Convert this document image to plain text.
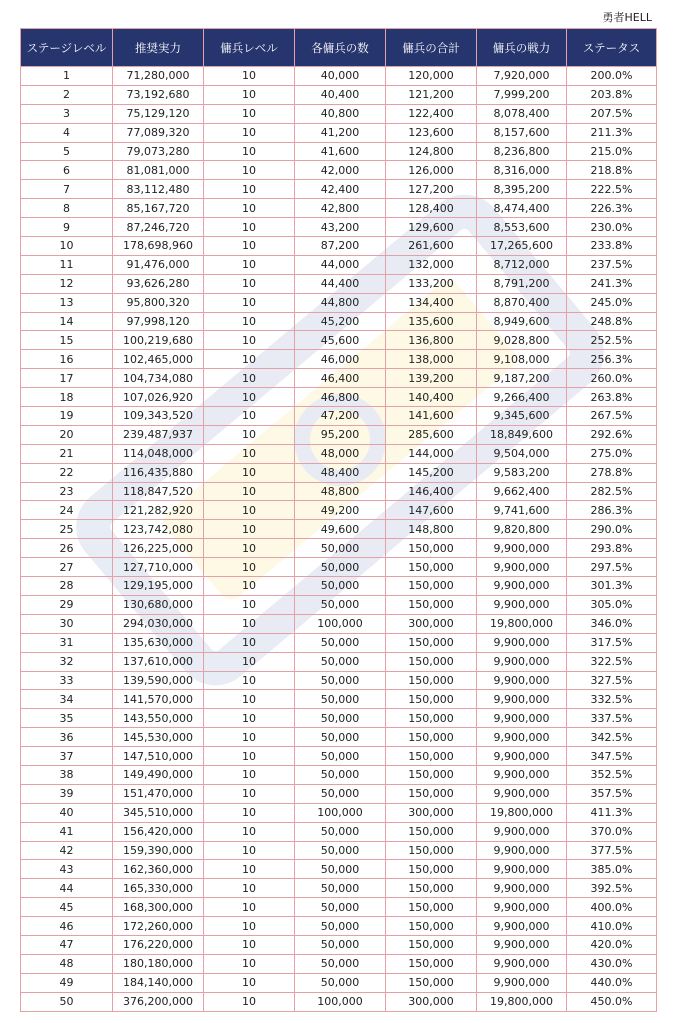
勇者HELL
ステージレベル	推奨実力	傭兵レベル	各傭兵の数	傭兵の合計	傭兵の戦力	ステータス
1	71,280,000	10	40,000	120,000	7,920,000	200.0%
2	73,192,680	10	40,400	121,200	7,999,200	203.8%
3	75,129,120	10	40,800	122,400	8,078,400	207.5%
4	77,089,320	10	41,200	123,600	8,157,600	211.3%
5	79,073,280	10	41,600	124,800	8,236,800	215.0%
6	81,081,000	10	42,000	126,000	8,316,000	218.8%
7	83,112,480	10	42,400	127,200	8,395,200	222.5%
8	85,167,720	10	42,800	128,400	8,474,400	226.3%
9	87,246,720	10	43,200	129,600	8,553,600	230.0%
10	178,698,960	10	87,200	261,600	17,265,600	233.8%
11	91,476,000	10	44,000	132,000	8,712,000	237.5%
12	93,626,280	10	44,400	133,200	8,791,200	241.3%
13	95,800,320	10	44,800	134,400	8,870,400	245.0%
14	97,998,120	10	45,200	135,600	8,949,600	248.8%
15	100,219,680	10	45,600	136,800	9,028,800	252.5%
16	102,465,000	10	46,000	138,000	9,108,000	256.3%
17	104,734,080	10	46,400	139,200	9,187,200	260.0%
18	107,026,920	10	46,800	140,400	9,266,400	263.8%
19	109,343,520	10	47,200	141,600	9,345,600	267.5%
20	239,487,937	10	95,200	285,600	18,849,600	292.6%
21	114,048,000	10	48,000	144,000	9,504,000	275.0%
22	116,435,880	10	48,400	145,200	9,583,200	278.8%
23	118,847,520	10	48,800	146,400	9,662,400	282.5%
24	121,282,920	10	49,200	147,600	9,741,600	286.3%
25	123,742,080	10	49,600	148,800	9,820,800	290.0%
26	126,225,000	10	50,000	150,000	9,900,000	293.8%
27	127,710,000	10	50,000	150,000	9,900,000	297.5%
28	129,195,000	10	50,000	150,000	9,900,000	301.3%
29	130,680,000	10	50,000	150,000	9,900,000	305.0%
30	294,030,000	10	100,000	300,000	19,800,000	346.0%
31	135,630,000	10	50,000	150,000	9,900,000	317.5%
32	137,610,000	10	50,000	150,000	9,900,000	322.5%
33	139,590,000	10	50,000	150,000	9,900,000	327.5%
34	141,570,000	10	50,000	150,000	9,900,000	332.5%
35	143,550,000	10	50,000	150,000	9,900,000	337.5%
36	145,530,000	10	50,000	150,000	9,900,000	342.5%
37	147,510,000	10	50,000	150,000	9,900,000	347.5%
38	149,490,000	10	50,000	150,000	9,900,000	352.5%
39	151,470,000	10	50,000	150,000	9,900,000	357.5%
40	345,510,000	10	100,000	300,000	19,800,000	411.3%
41	156,420,000	10	50,000	150,000	9,900,000	370.0%
42	159,390,000	10	50,000	150,000	9,900,000	377.5%
43	162,360,000	10	50,000	150,000	9,900,000	385.0%
44	165,330,000	10	50,000	150,000	9,900,000	392.5%
45	168,300,000	10	50,000	150,000	9,900,000	400.0%
46	172,260,000	10	50,000	150,000	9,900,000	410.0%
47	176,220,000	10	50,000	150,000	9,900,000	420.0%
48	180,180,000	10	50,000	150,000	9,900,000	430.0%
49	184,140,000	10	50,000	150,000	9,900,000	440.0%
50	376,200,000	10	100,000	300,000	19,800,000	450.0%
